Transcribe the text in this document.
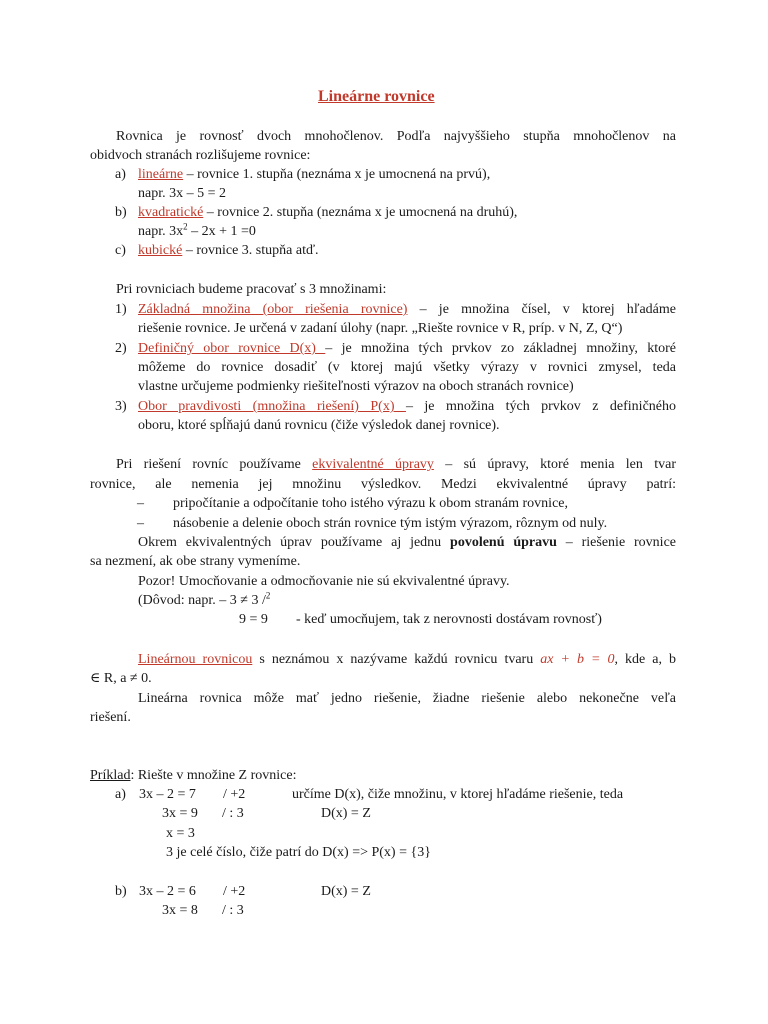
Lineárne rovnice
Rovnica je rovnosť dvoch mnohočlenov. Podľa najvyššieho stupňa mnohočlenov na
obidvoch stranách rozlišujeme rovnice:
a) lineárne – rovnice 1. stupňa (neznáma x je umocnená na prvú),
napr. 3x – 5 = 2
b) kvadratické – rovnice 2. stupňa (neznáma x je umocnená na druhú),
napr. $3x^2 - 2x + 1 =0$
c) kubické – rovnice 3. stupňa atď.
Pri rovniciach budeme pracovať s 3 množinami:
1) Základná množina (obor riešenia rovnice) – je množina čísel, v ktorej hľadáme
riešenie rovnice. Je určená v zadaní úlohy (napr. „Riešte rovnice v R, príp. v N, Z, Q“)
2) Definičný obor rovnice D(x) – je množina tých prvkov zo základnej množiny, ktoré
môžeme do rovnice dosadiť (v ktorej majú všetky výrazy v rovnici zmysel, teda
vlastne určujeme podmienky riešiteľnosti výrazov na oboch stranách rovnice)
3) Obor pravdivosti (množina riešení) P(x) – je množina tých prvkov z definičného
oboru, ktoré spĺňajú danú rovnicu (čiže výsledok danej rovnice).
Pri riešení rovníc používame ekvivalentné úpravy – sú úpravy, ktoré menia len tvar
rovnice, ale nemenia jej množinu výsledkov. Medzi ekvivalentné úpravy patrí:
– pripočítanie a odpočítanie toho istého výrazu k obom stranám rovnice,
– násobenie a delenie oboch strán rovnice tým istým výrazom, rôznym od nuly.
Okrem ekvivalentných úprav používame aj jednu povolenú úpravu – riešenie rovnice
sa nezmení, ak obe strany vymeníme.
Pozor! Umocňovanie a odmocňovanie nie sú ekvivalentné úpravy.
(Dôvod: napr. – 3 ≠ 3 /$^2$
9 = 9 - keď umocňujem, tak z nerovnosti dostávam rovnosť)
Lineárnou rovnicou s neznámou x nazývame každú rovnicu tvaru ax + b = 0, kde a, b
∈ R, a ≠ 0.
Lineárna rovnica môže mať jedno riešenie, žiadne riešenie alebo nekonečne veľa
riešení.
Príklad: Riešte v množine Z rovnice:
a) 3x – 2 = 7 / +2	určíme D(x), čiže množinu, v ktorej hľadáme riešenie, teda
3x = 9 / : 3	D(x) = Z
x = 3
3 je celé číslo, čiže patrí do D(x) => P(x) = {3}
b) 3x – 2 = 6 / +2	D(x) = Z
3x = 8 / : 3
